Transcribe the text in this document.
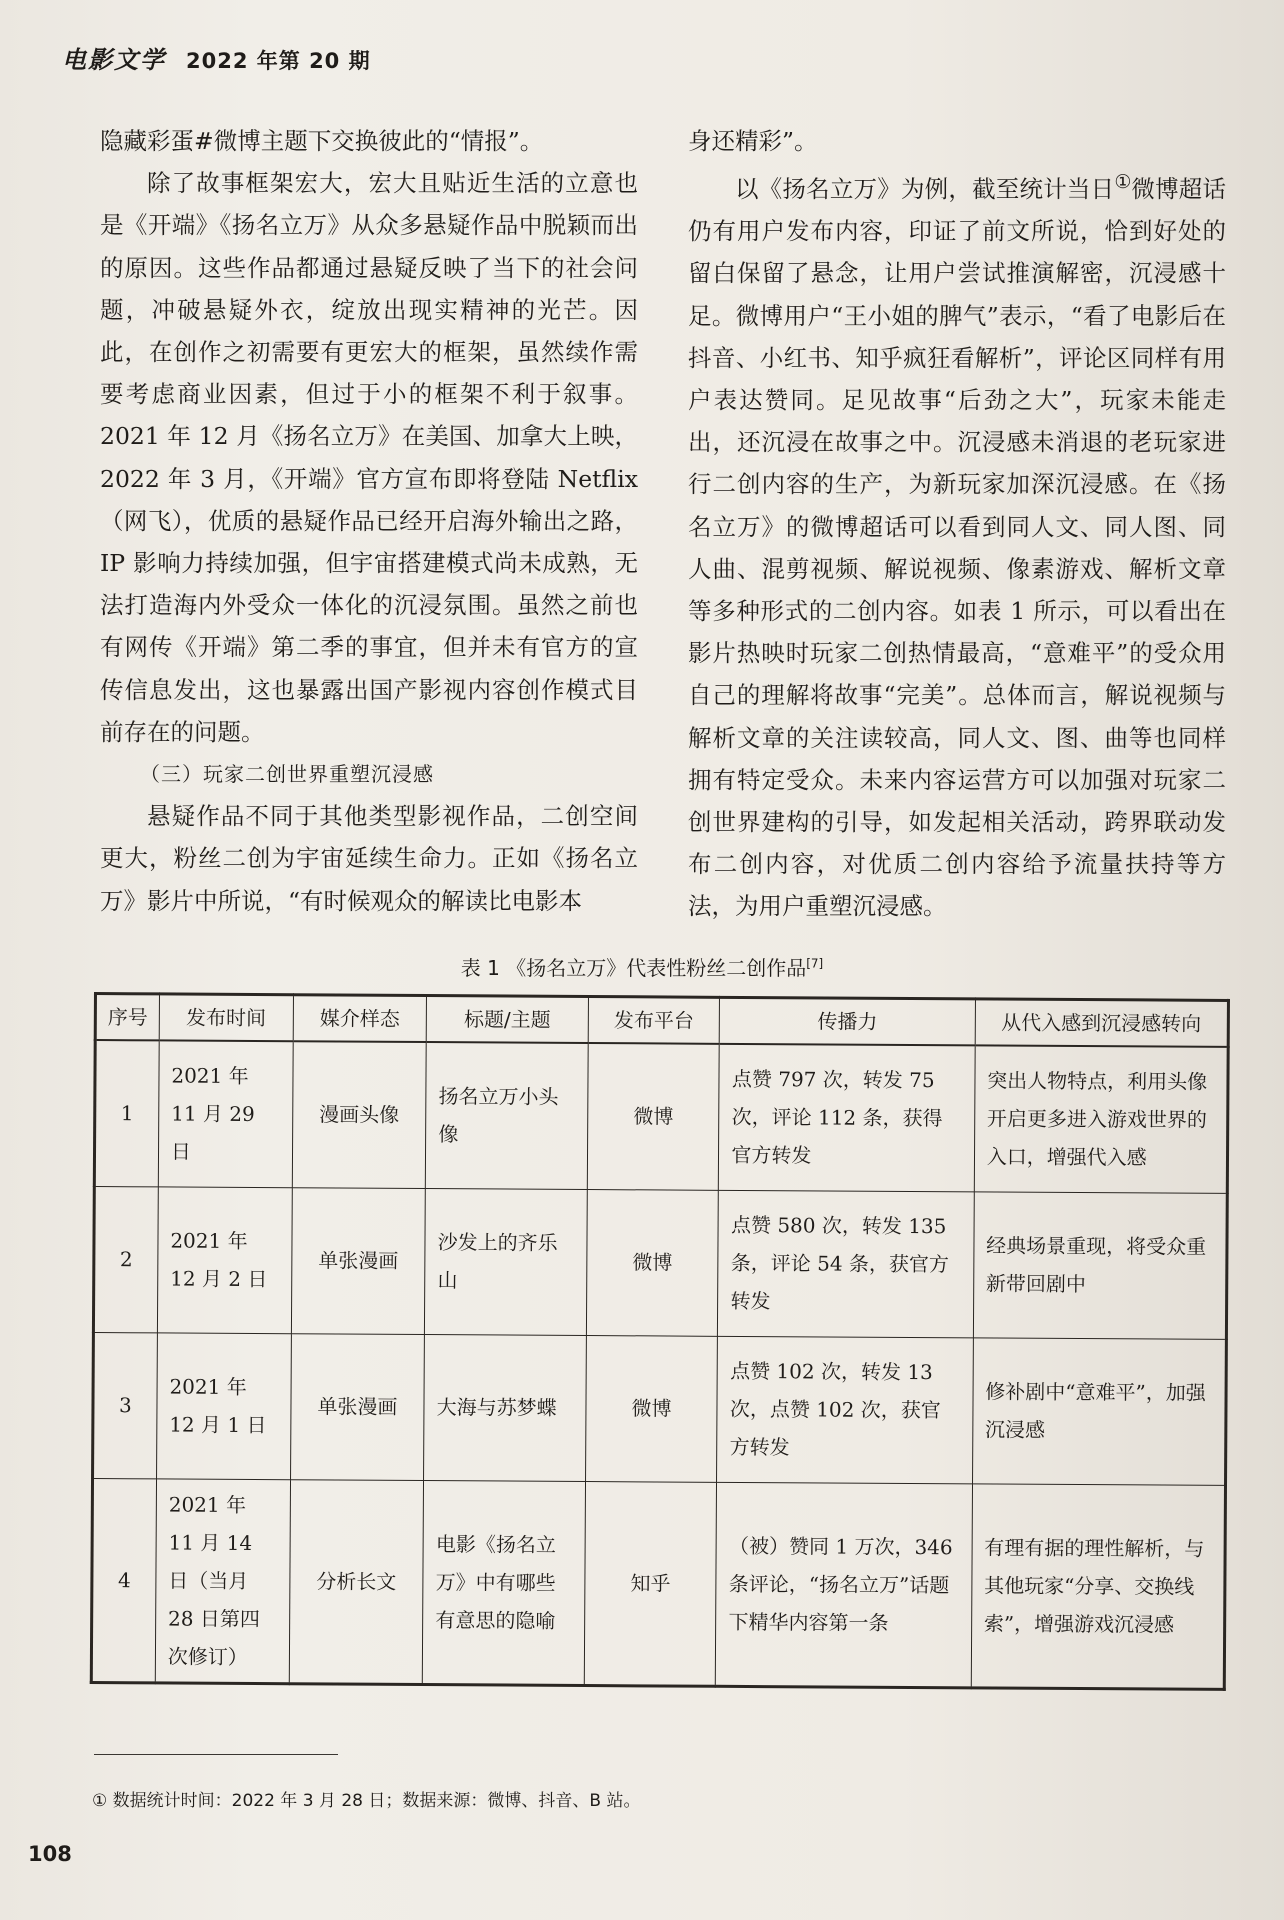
电影文学 2022 年第 20 期

隐藏彩蛋#微博主题下交换彼此的“情报”。

除了故事框架宏大，宏大且贴近生活的立意也是《开端》《扬名立万》从众多悬疑作品中脱颖而出的原因。这些作品都通过悬疑反映了当下的社会问题，冲破悬疑外衣，绽放出现实精神的光芒。因此，在创作之初需要有更宏大的框架，虽然续作需要考虑商业因素，但过于小的框架不利于叙事。2021 年 12 月《扬名立万》在美国、加拿大上映，2022 年 3 月，《开端》官方宣布即将登陆 Netflix（网飞），优质的悬疑作品已经开启海外输出之路，IP 影响力持续加强，但宇宙搭建模式尚未成熟，无法打造海内外受众一体化的沉浸氛围。虽然之前也有网传《开端》第二季的事宜，但并未有官方的宣传信息发出，这也暴露出国产影视内容创作模式目前存在的问题。

（三）玩家二创世界重塑沉浸感

悬疑作品不同于其他类型影视作品，二创空间更大，粉丝二创为宇宙延续生命力。正如《扬名立万》影片中所说，“有时候观众的解读比电影本

身还精彩”。

以《扬名立万》为例，截至统计当日①微博超话仍有用户发布内容，印证了前文所说，恰到好处的留白保留了悬念，让用户尝试推演解密，沉浸感十足。微博用户“王小姐的脾气”表示，“看了电影后在抖音、小红书、知乎疯狂看解析”，评论区同样有用户表达赞同。足见故事“后劲之大”，玩家未能走出，还沉浸在故事之中。沉浸感未消退的老玩家进行二创内容的生产，为新玩家加深沉浸感。在《扬名立万》的微博超话可以看到同人文、同人图、同人曲、混剪视频、解说视频、像素游戏、解析文章等多种形式的二创内容。如表 1 所示，可以看出在影片热映时玩家二创热情最高，“意难平”的受众用自己的理解将故事“完美”。总体而言，解说视频与解析文章的关注读较高，同人文、图、曲等也同样拥有特定受众。未来内容运营方可以加强对玩家二创世界建构的引导，如发起相关活动，跨界联动发布二创内容，对优质二创内容给予流量扶持等方法，为用户重塑沉浸感。

表 1 《扬名立万》代表性粉丝二创作品[7]
序号	发布时间	媒介样态	标题/主题	发布平台	传播力	从代入感到沉浸感转向
1	2021 年 11 月 29 日	漫画头像	扬名立万小头像	微博	点赞 797 次，转发 75 次，评论 112 条，获得官方转发	突出人物特点，利用头像开启更多进入游戏世界的入口，增强代入感
2	2021 年 12 月 2 日	单张漫画	沙发上的齐乐山	微博	点赞 580 次，转发 135 条，评论 54 条，获官方转发	经典场景重现，将受众重新带回剧中
3	2021 年 12 月 1 日	单张漫画	大海与苏梦蝶	微博	点赞 102 次，转发 13 次，点赞 102 次，获官方转发	修补剧中“意难平”，加强沉浸感
4	2021 年 11 月 14 日（当月 28 日第四次修订）	分析长文	电影《扬名立万》中有哪些有意思的隐喻	知乎	（被）赞同 1 万次，346 条评论，“扬名立万”话题下精华内容第一条	有理有据的理性解析，与其他玩家“分享、交换线索”，增强游戏沉浸感
① 数据统计时间：2022 年 3 月 28 日；数据来源：微博、抖音、B 站。
108
